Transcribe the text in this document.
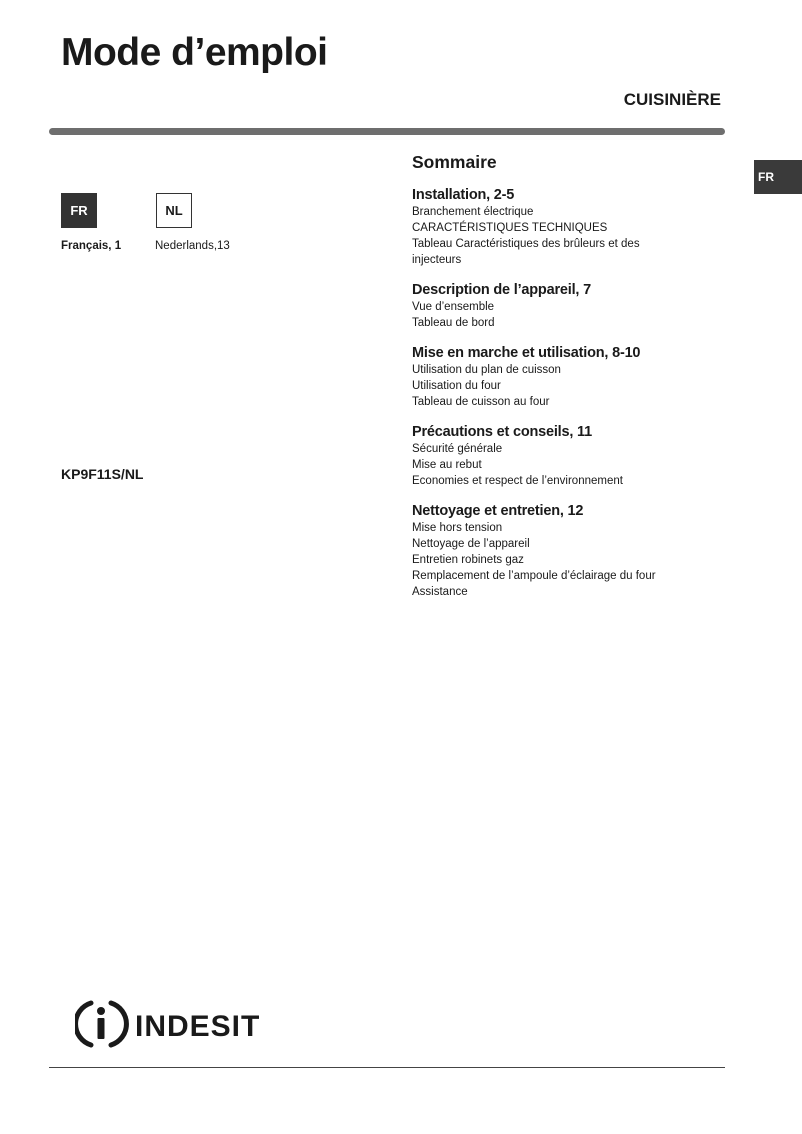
Mode d’emploi
CUISINIÈRE
FR
FR	NL
Français, 1	Nederlands,13
KP9F11S/NL
Sommaire
Installation, 2-5
Branchement électrique
CARACTÉRISTIQUES TECHNIQUES
Tableau Caractéristiques des brûleurs et des
injecteurs
Description de l’appareil, 7
Vue d’ensemble
Tableau de bord
Mise en marche et utilisation, 8-10
Utilisation du plan de cuisson
Utilisation du four
Tableau de cuisson au four
Précautions et conseils, 11
Sécurité générale
Mise au rebut
Economies et respect de l’environnement
Nettoyage et entretien, 12
Mise hors tension
Nettoyage de l’appareil
Entretien robinets gaz
Remplacement de l’ampoule d’éclairage du four
Assistance
INDESIT
